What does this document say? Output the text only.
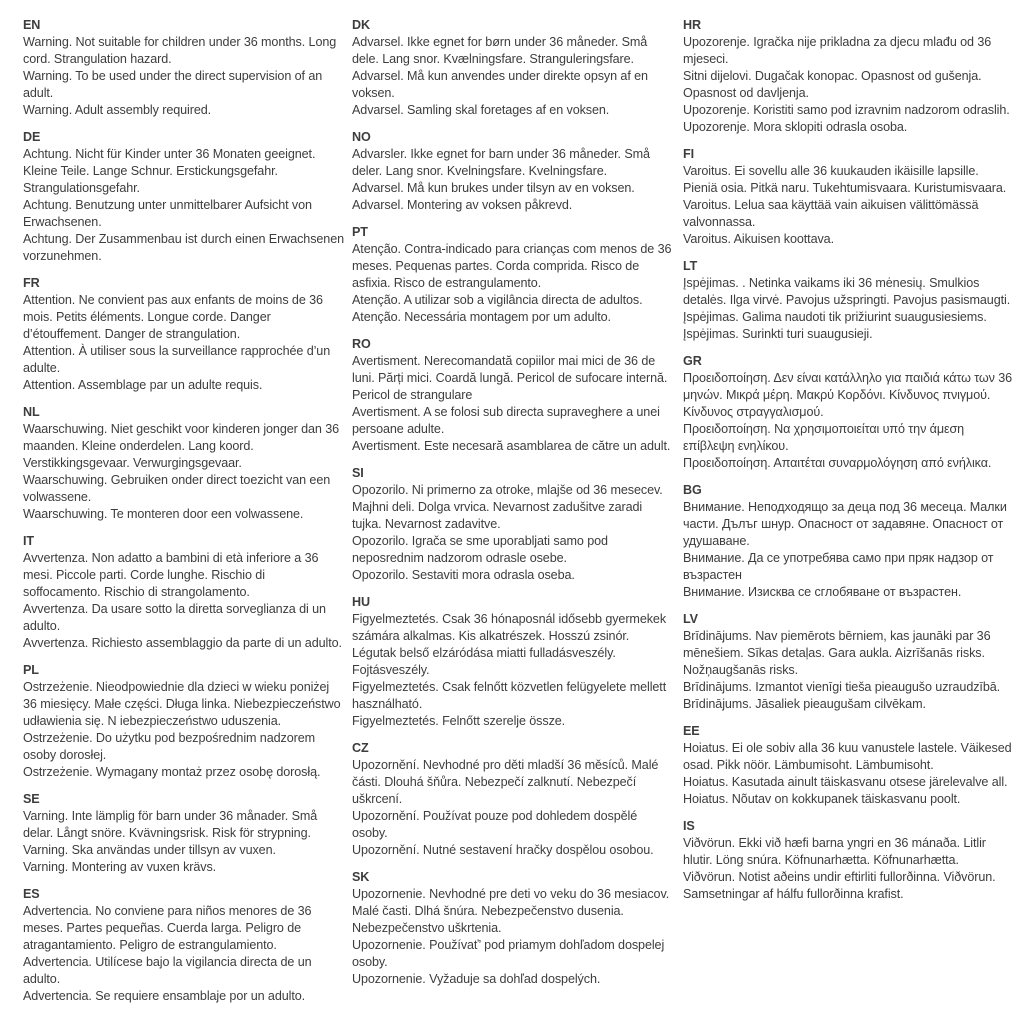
EN

Warning. Not suitable for children under 36 months. Long cord. Strangulation hazard.

Warning. To be used under the direct supervision of an adult.

Warning. Adult assembly required.

DE

Achtung. Nicht für Kinder unter 36 Monaten geeignet. Kleine Teile. Lange Schnur. Erstickungsgefahr. Strangulationsgefahr.

Achtung. Benutzung unter unmittelbarer Aufsicht von Erwachsenen.

Achtung. Der Zusammenbau ist durch einen Erwachsenen vorzunehmen.

FR

Attention. Ne convient pas aux enfants de moins de 36 mois. Petits éléments. Longue corde. Danger d’étouffement. Danger de strangulation.

Attention. À utiliser sous la surveillance rapprochée d’un adulte.

Attention. Assemblage par un adulte requis.

NL

Waarschuwing. Niet geschikt voor kinderen jonger dan 36 maanden. Kleine onderdelen. Lang koord. Verstikkingsgevaar. Verwurgingsgevaar.

Waarschuwing. Gebruiken onder direct toezicht van een volwassene.

Waarschuwing. Te monteren door een volwassene.

IT

Avvertenza. Non adatto a bambini di età inferiore a 36 mesi. Piccole parti. Corde lunghe. Rischio di soffocamento. Rischio di strangolamento.

Avvertenza. Da usare sotto la diretta sorveglianza di un adulto.

Avvertenza. Richiesto assemblaggio da parte di un adulto.

PL

Ostrzeżenie. Nieodpowiednie dla dzieci w wieku poniżej 36 miesięcy. Małe części. Długa linka. Niebezpieczeństwo udławienia się. N iebezpieczeństwo uduszenia.

Ostrzeżenie. Do użytku pod bezpośrednim nadzorem osoby dorosłej.

Ostrzeżenie. Wymagany montaż przez osobę dorosłą.

SE

Varning. Inte lämplig för barn under 36 månader. Små delar. Långt snöre. Kvävningsrisk. Risk för strypning.

Varning. Ska användas under tillsyn av vuxen.

Varning. Montering av vuxen krävs.

ES

Advertencia. No conviene para niños menores de 36 meses. Partes pequeñas. Cuerda larga. Peligro de atragantamiento. Peligro de estrangulamiento.

Advertencia. Utilícese bajo la vigilancia directa de un adulto.

Advertencia. Se requiere ensamblaje por un adulto.

DK

Advarsel. Ikke egnet for børn under 36 måneder. Små dele. Lang snor. Kvælningsfare. Stranguleringsfare.

Advarsel. Må kun anvendes under direkte opsyn af en voksen.

Advarsel. Samling skal foretages af en voksen.

NO

Advarsler. Ikke egnet for barn under 36 måneder. Små deler. Lang snor. Kvelningsfare. Kvelningsfare.

Advarsel. Må kun brukes under tilsyn av en voksen.

Advarsel. Montering av voksen påkrevd.

PT

Atenção. Contra-indicado para crianças com menos de 36 meses. Pequenas partes. Corda comprida. Risco de asfixia. Risco de estrangulamento.

Atenção. A utilizar sob a vigilância directa de adultos. Atenção. Necessária montagem por um adulto.

RO

Avertisment. Nerecomandată copiilor mai mici de 36 de luni. Părți mici. Coardă lungă. Pericol de sufocare internă. Pericol de strangulare

Avertisment. A se folosi sub directa supraveghere a unei persoane adulte.

Avertisment. Este necesară asamblarea de către un adult.

SI

Opozorilo. Ni primerno za otroke, mlajše od 36 mesecev. Majhni deli. Dolga vrvica. Nevarnost zadušitve zaradi tujka. Nevarnost zadavitve.

Opozorilo. Igrača se sme uporabljati samo pod neposrednim nadzorom odrasle osebe.

Opozorilo. Sestaviti mora odrasla oseba.

HU

Figyelmeztetés. Csak 36 hónaposnál idősebb gyermekek számára alkalmas. Kis alkatrészek. Hosszú zsinór. Légutak belső elzáródása miatti fulladásveszély. Fojtásveszély.

Figyelmeztetés. Csak felnőtt közvetlen felügyelete mellett használható.

Figyelmeztetés. Felnőtt szerelje össze.

CZ

Upozornění. Nevhodné pro děti mladší 36 měsíců. Malé části. Dlouhá šňůra. Nebezpečí zalknutí. Nebezpečí uškrcení.

Upozornění. Používat pouze pod dohledem dospělé osoby.

Upozornění. Nutné sestavení hračky dospělou osobou.

SK

Upozornenie. Nevhodné pre deti vo veku do 36 mesiacov. Malé časti. Dlhá šnúra. Nebezpečenstvo dusenia. Nebezpečenstvo uškrtenia.

Upozornenie. Používať’ pod priamym dohľadom dospelej osoby.

Upozornenie. Vyžaduje sa dohľad dospelých.

HR

Upozorenje. Igračka nije prikladna za djecu mlađu od 36 mjeseci.

Sitni dijelovi. Dugačak konopac. Opasnost od gušenja. Opasnost od davljenja.

Upozorenje. Koristiti samo pod izravnim nadzorom odraslih.

Upozorenje. Mora sklopiti odrasla osoba.

FI

Varoitus. Ei sovellu alle 36 kuukauden ikäisille lapsille. Pieniä osia. Pitkä naru. Tukehtumisvaara. Kuristumisvaara.

Varoitus. Lelua saa käyttää vain aikuisen välittömässä valvonnassa.

Varoitus. Aikuisen koottava.

LT

Įspėjimas. . Netinka vaikams iki 36 mėnesių. Smulkios detalės. Ilga virvė. Pavojus užspringti. Pavojus pasismaugti.

Įspėjimas. Galima naudoti tik prižiurint suaugusiesiems.

Įspėjimas. Surinkti turi suaugusieji.

GR

Προειδοποίηση. Δεν είναι κατάλληλο για παιδιά κάτω των 36 μηνών. Μικρά μέρη. Μακρύ Κορδόνι. Κίνδυνος πνιγμού. Κίνδυνος στραγγαλισμού.

Προειδοποίηση. Να χρησιμοποιείται υπό την άμεση επίβλεψη ενηλίκου.

Προειδοποίηση. Απαιτέται συναρμολόγηση από ενήλικα.

BG

Внимание. Неподходящо за деца под 36 месеца. Малки части. Дълъг шнур. Опасност от задавяне. Опасност от удушаване.

Внимание. Да се употребява само при пряк надзор от възрастен

Внимание. Изисква се сглобяване от възрастен.

LV

Brīdinājums. Nav piemērots bērniem, kas jaunāki par 36 mēnešiem. Sīkas detaļas. Gara aukla. Aizrīšanās risks. Nožņaugšanās risks.

Brīdinājums. Izmantot vienīgi tieša pieaugušo uzraudzībā.

Brīdinājums. Jāsaliek pieaugušam cilvēkam.

EE

Hoiatus. Ei ole sobiv alla 36 kuu vanustele lastele. Väikesed osad. Pikk nöör. Lämbumisoht. Lämbumisoht.

Hoiatus. Kasutada ainult täiskasvanu otsese järelevalve all.

Hoiatus. Nõutav on kokkupanek täiskasvanu poolt.

IS

Viðvörun. Ekki við hæfi barna yngri en 36 mánaða. Litlir hlutir. Löng snúra. Köfnunarhætta. Köfnunarhætta.

Viðvörun. Notist aðeins undir eftirliti fullorðinna. Viðvörun. Samsetningar af hálfu fullorðinna krafist.
